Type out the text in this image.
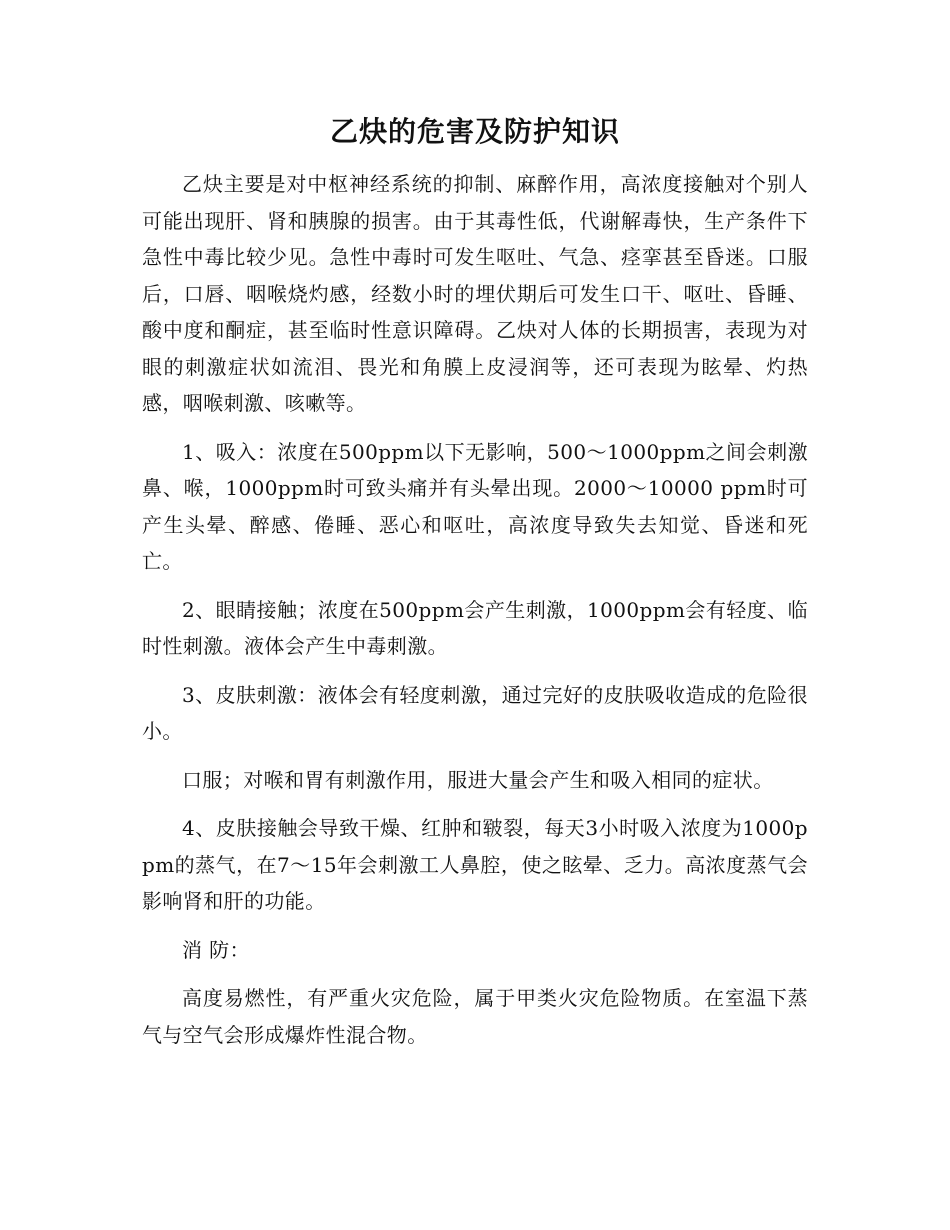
乙炔的危害及防护知识

乙炔主要是对中枢神经系统的抑制、麻醉作用，高浓度接触对个别人可能出现肝、肾和胰腺的损害。由于其毒性低，代谢解毒快，生产条件下急性中毒比较少见。急性中毒时可发生呕吐、气急、痉挛甚至昏迷。口服后，口唇、咽喉烧灼感，经数小时的埋伏期后可发生口干、呕吐、昏睡、酸中度和酮症，甚至临时性意识障碍。乙炔对人体的长期损害，表现为对眼的刺激症状如流泪、畏光和角膜上皮浸润等，还可表现为眩晕、灼热感，咽喉刺激、咳嗽等。

1、吸入：浓度在500ppm以下无影响，500～1000ppm之间会刺激鼻、喉，1000ppm时可致头痛并有头晕出现。2000～10000 ppm时可产生头晕、醉感、倦睡、恶心和呕吐，高浓度导致失去知觉、昏迷和死亡。

2、眼睛接触；浓度在500ppm会产生刺激，1000ppm会有轻度、临时性刺激。液体会产生中毒刺激。

3、皮肤刺激：液体会有轻度刺激，通过完好的皮肤吸收造成的危险很小。

口服；对喉和胃有刺激作用，服进大量会产生和吸入相同的症状。

4、皮肤接触会导致干燥、红肿和皲裂，每天3小时吸入浓度为1000ppm的蒸气，在7～15年会刺激工人鼻腔，使之眩晕、乏力。高浓度蒸气会影响肾和肝的功能。

消 防：

高度易燃性，有严重火灾危险，属于甲类火灾危险物质。在室温下蒸气与空气会形成爆炸性混合物。
